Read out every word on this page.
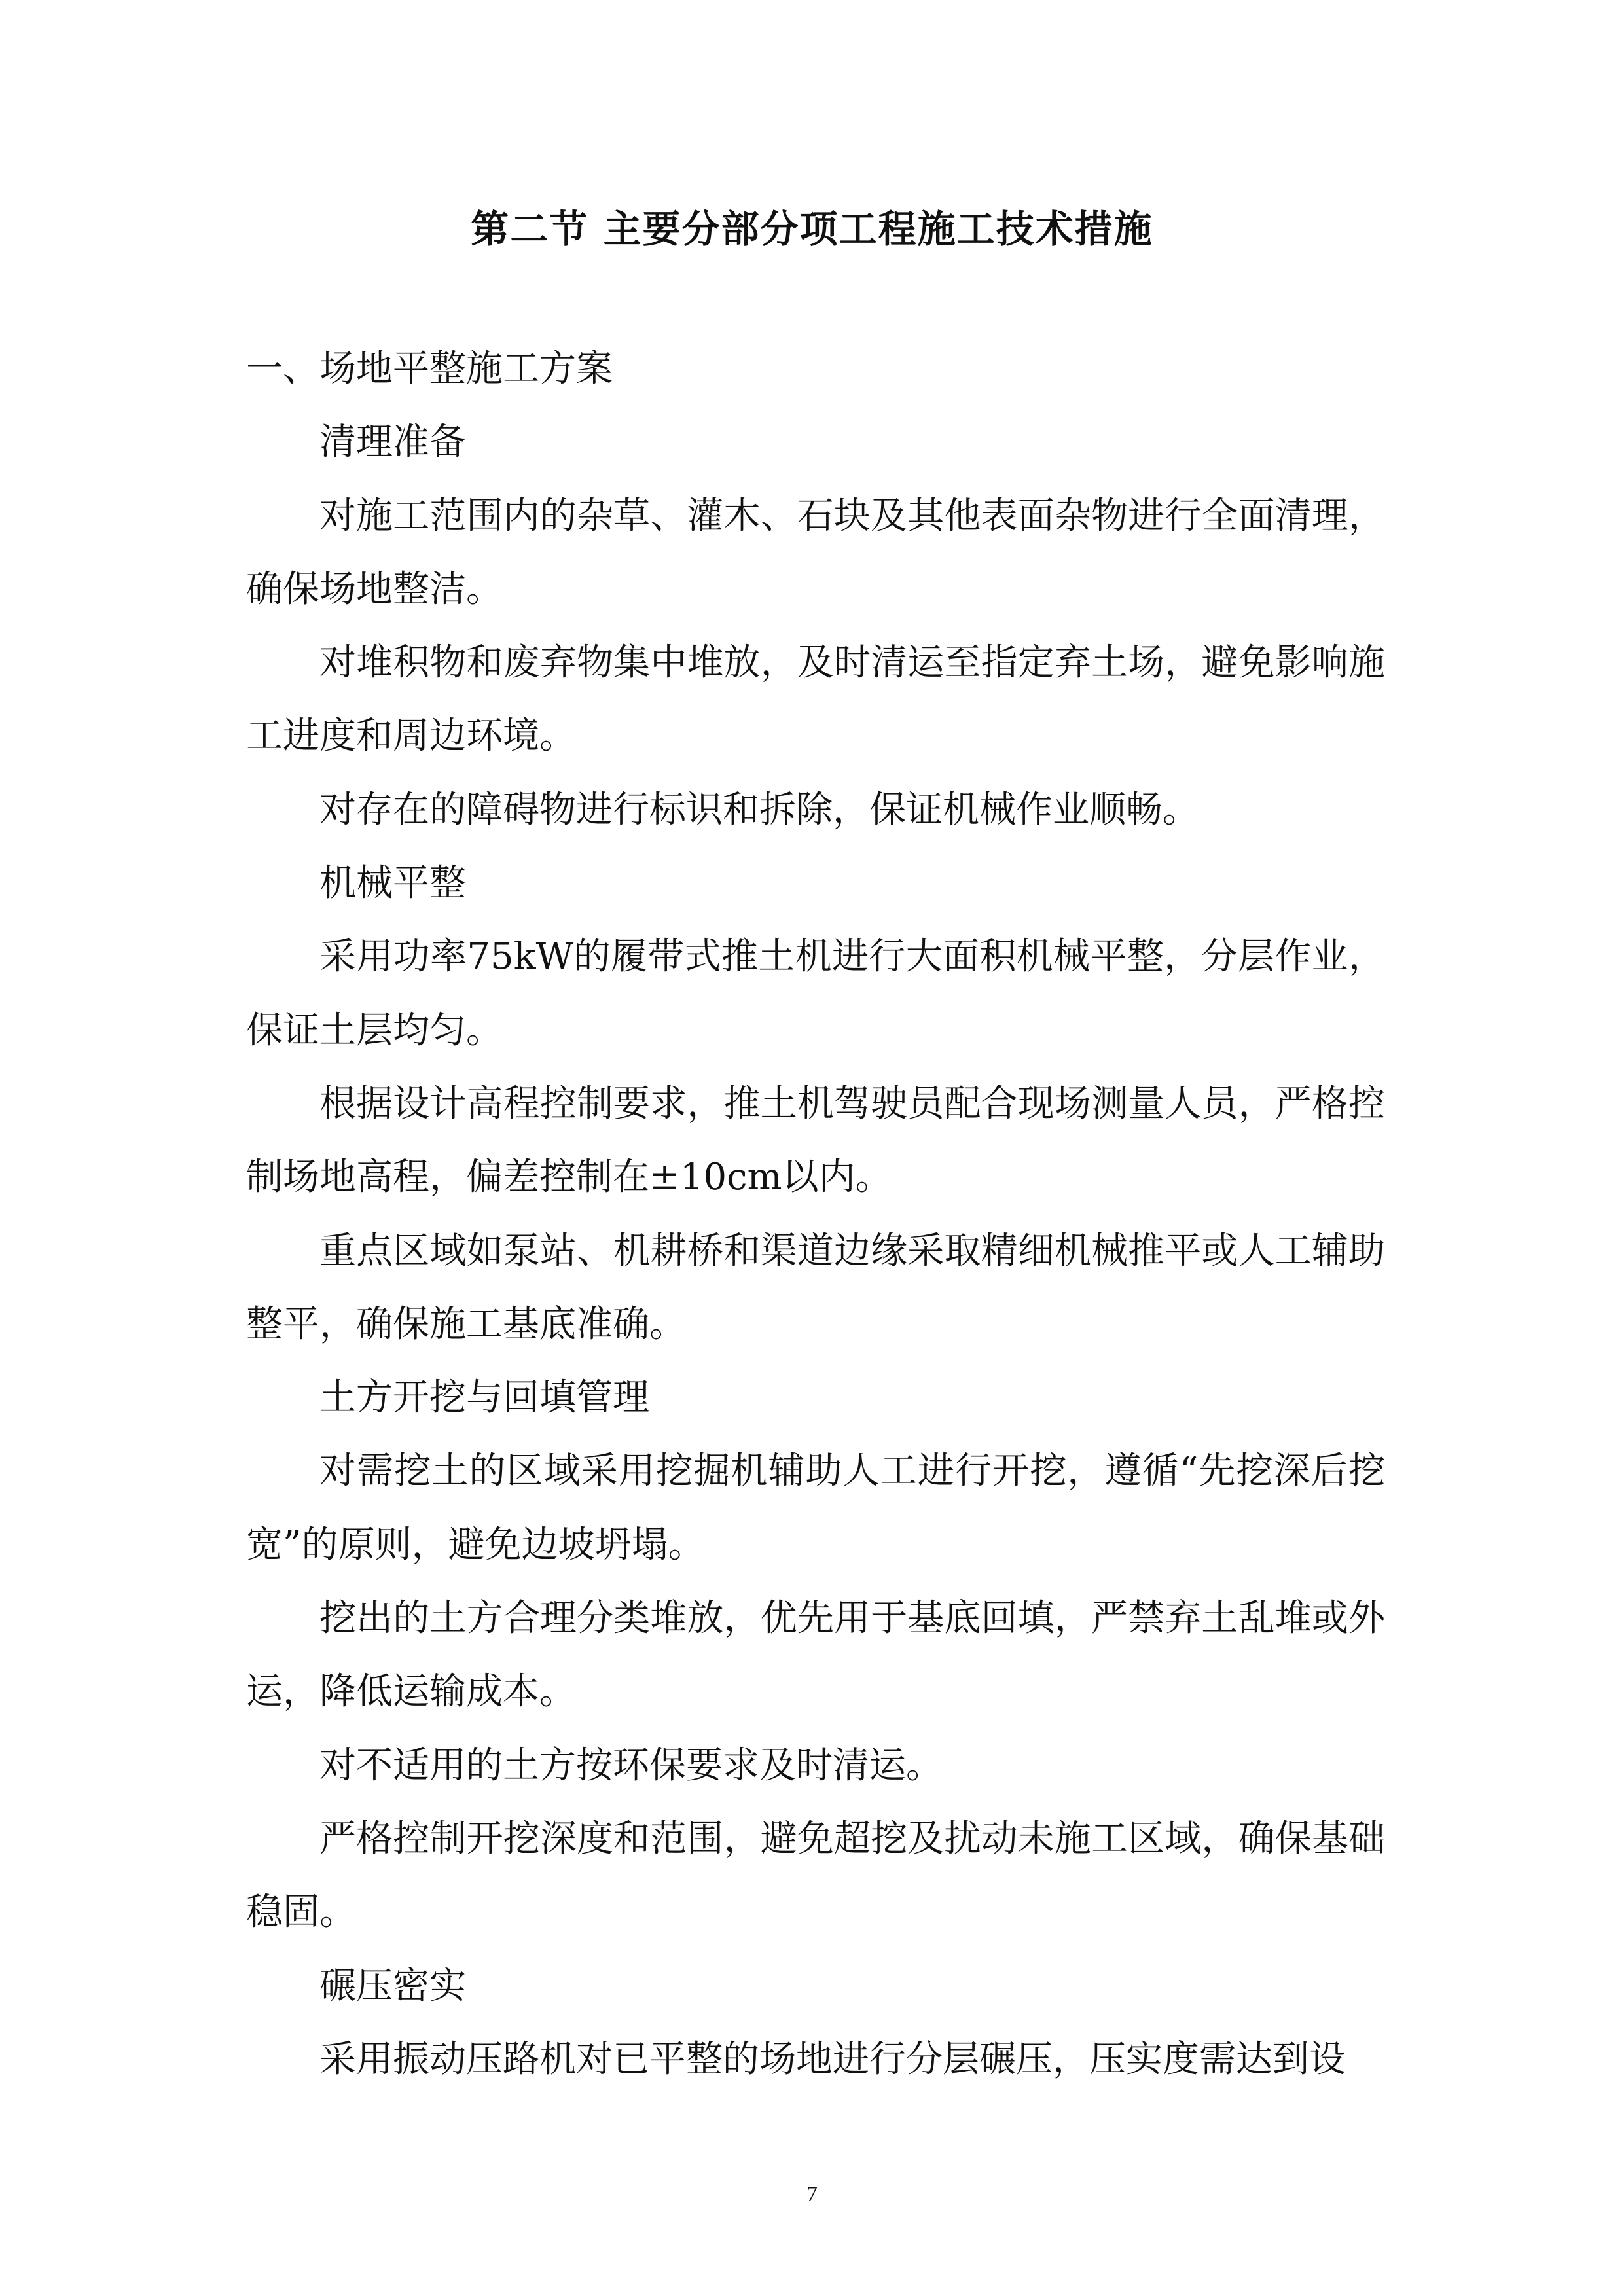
第二节 主要分部分项工程施工技术措施

一、场地平整施工方案

清理准备

对施工范围内的杂草、灌木、石块及其他表面杂物进行全面清理，确保场地整洁。

对堆积物和废弃物集中堆放，及时清运至指定弃土场，避免影响施工进度和周边环境。

对存在的障碍物进行标识和拆除，保证机械作业顺畅。

机械平整

采用功率75kW的履带式推土机进行大面积机械平整，分层作业，保证土层均匀。

根据设计高程控制要求，推土机驾驶员配合现场测量人员，严格控制场地高程，偏差控制在±10cm以内。

重点区域如泵站、机耕桥和渠道边缘采取精细机械推平或人工辅助整平，确保施工基底准确。

土方开挖与回填管理

对需挖土的区域采用挖掘机辅助人工进行开挖，遵循“先挖深后挖宽”的原则，避免边坡坍塌。

挖出的土方合理分类堆放，优先用于基底回填，严禁弃土乱堆或外运，降低运输成本。

对不适用的土方按环保要求及时清运。

严格控制开挖深度和范围，避免超挖及扰动未施工区域，确保基础稳固。

碾压密实

采用振动压路机对已平整的场地进行分层碾压，压实度需达到设

7
